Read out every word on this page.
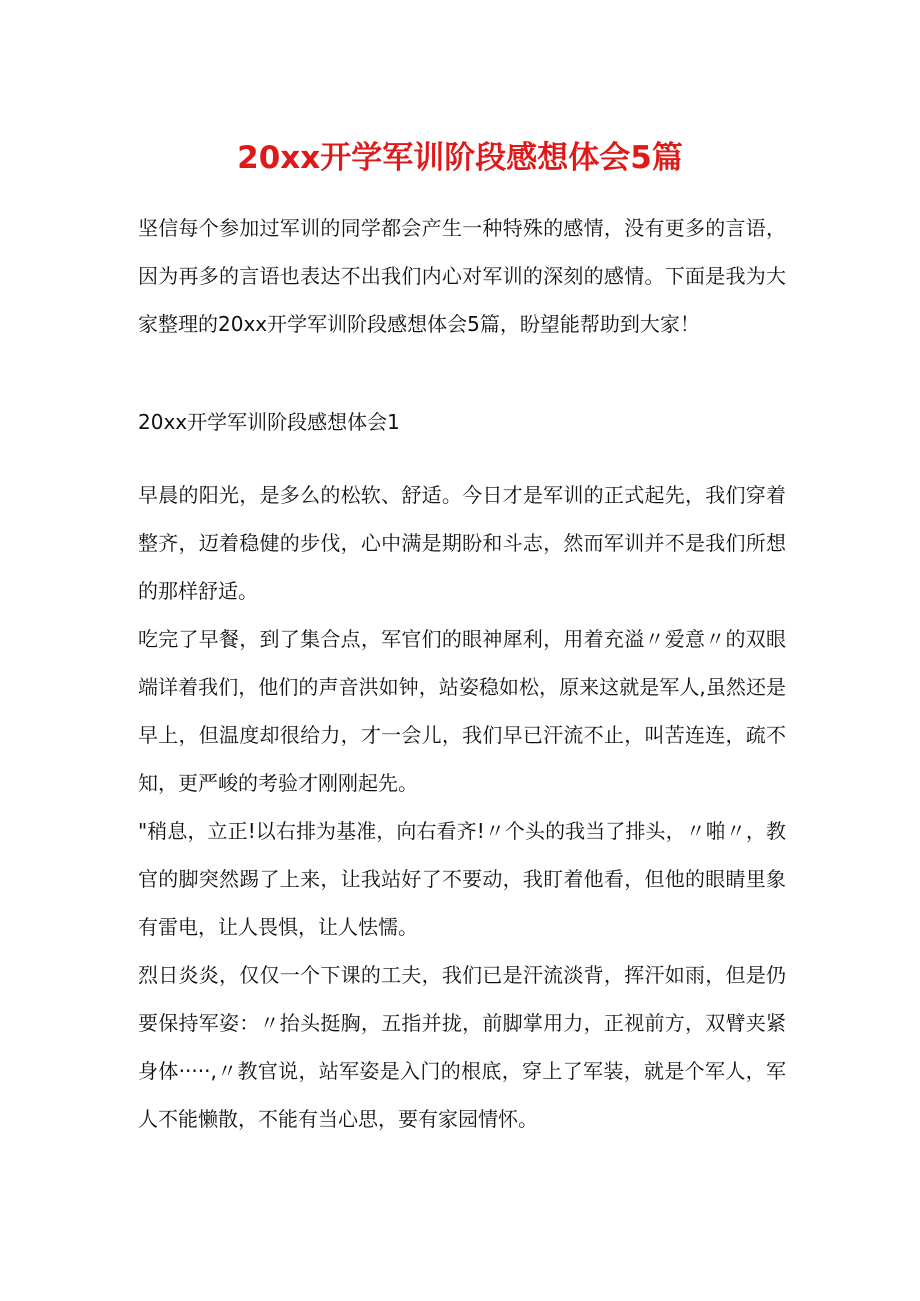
20xx开学军训阶段感想体会5篇

坚信每个参加过军训的同学都会产生一种特殊的感情，没有更多的言语，因为再多的言语也表达不出我们内心对军训的深刻的感情。下面是我为大家整理的20xx开学军训阶段感想体会5篇，盼望能帮助到大家！

20xx开学军训阶段感想体会1

早晨的阳光，是多么的松软、舒适。今日才是军训的正式起先，我们穿着整齐，迈着稳健的步伐，心中满是期盼和斗志，然而军训并不是我们所想的那样舒适。

吃完了早餐，到了集合点，军官们的眼神犀利，用着充溢〃爱意〃的双眼端详着我们，他们的声音洪如钟，站姿稳如松，原来这就是军人,虽然还是早上，但温度却很给力，才一会儿，我们早已汗流不止，叫苦连连，疏不知，更严峻的考验才刚刚起先。

"稍息，立正!以右排为基准，向右看齐!〃个头的我当了排头，〃啪〃，教官的脚突然踢了上来，让我站好了不要动，我盯着他看，但他的眼睛里象有雷电，让人畏惧，让人怯懦。

烈日炎炎，仅仅一个下课的工夫，我们已是汗流淡背，挥汗如雨，但是仍要保持军姿：〃抬头挺胸，五指并拢，前脚掌用力，正视前方，双臂夹紧身体·····,〃教官说，站军姿是入门的根底，穿上了军装，就是个军人，军人不能懒散，不能有当心思，要有家园情怀。
